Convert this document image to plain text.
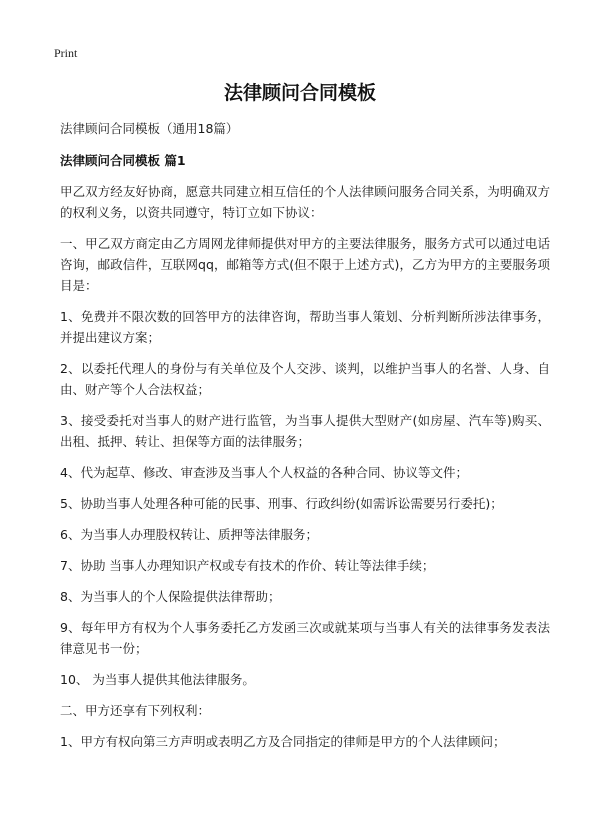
Print
法律顾问合同模板
法律顾问合同模板（通用18篇）
法律顾问合同模板 篇1

甲乙双方经友好协商，愿意共同建立相互信任的个人法律顾问服务合同关系，为明确双方的权利义务，以资共同遵守，特订立如下协议：

一、甲乙双方商定由乙方周网龙律师提供对甲方的主要法律服务，服务方式可以通过电话咨询，邮政信件，互联网qq，邮箱等方式(但不限于上述方式)，乙方为甲方的主要服务项目是：

1、免费并不限次数的回答甲方的法律咨询，帮助当事人策划、分析判断所涉法律事务，并提出建议方案；

2、以委托代理人的身份与有关单位及个人交涉、谈判，以维护当事人的名誉、人身、自由、财产等个人合法权益；

3、接受委托对当事人的财产进行监管，为当事人提供大型财产(如房屋、汽车等)购买、出租、抵押、转让、担保等方面的法律服务；

4、代为起草、修改、审查涉及当事人个人权益的各种合同、协议等文件；

5、协助当事人处理各种可能的民事、刑事、行政纠纷(如需诉讼需要另行委托)；

6、为当事人办理股权转让、质押等法律服务；

7、协助 当事人办理知识产权或专有技术的作价、转让等法律手续；

8、为当事人的个人保险提供法律帮助；

9、每年甲方有权为个人事务委托乙方发函三次或就某项与当事人有关的法律事务发表法律意见书一份；

10、 为当事人提供其他法律服务。

二、甲方还享有下列权利：

1、甲方有权向第三方声明或表明乙方及合同指定的律师是甲方的个人法律顾问；
